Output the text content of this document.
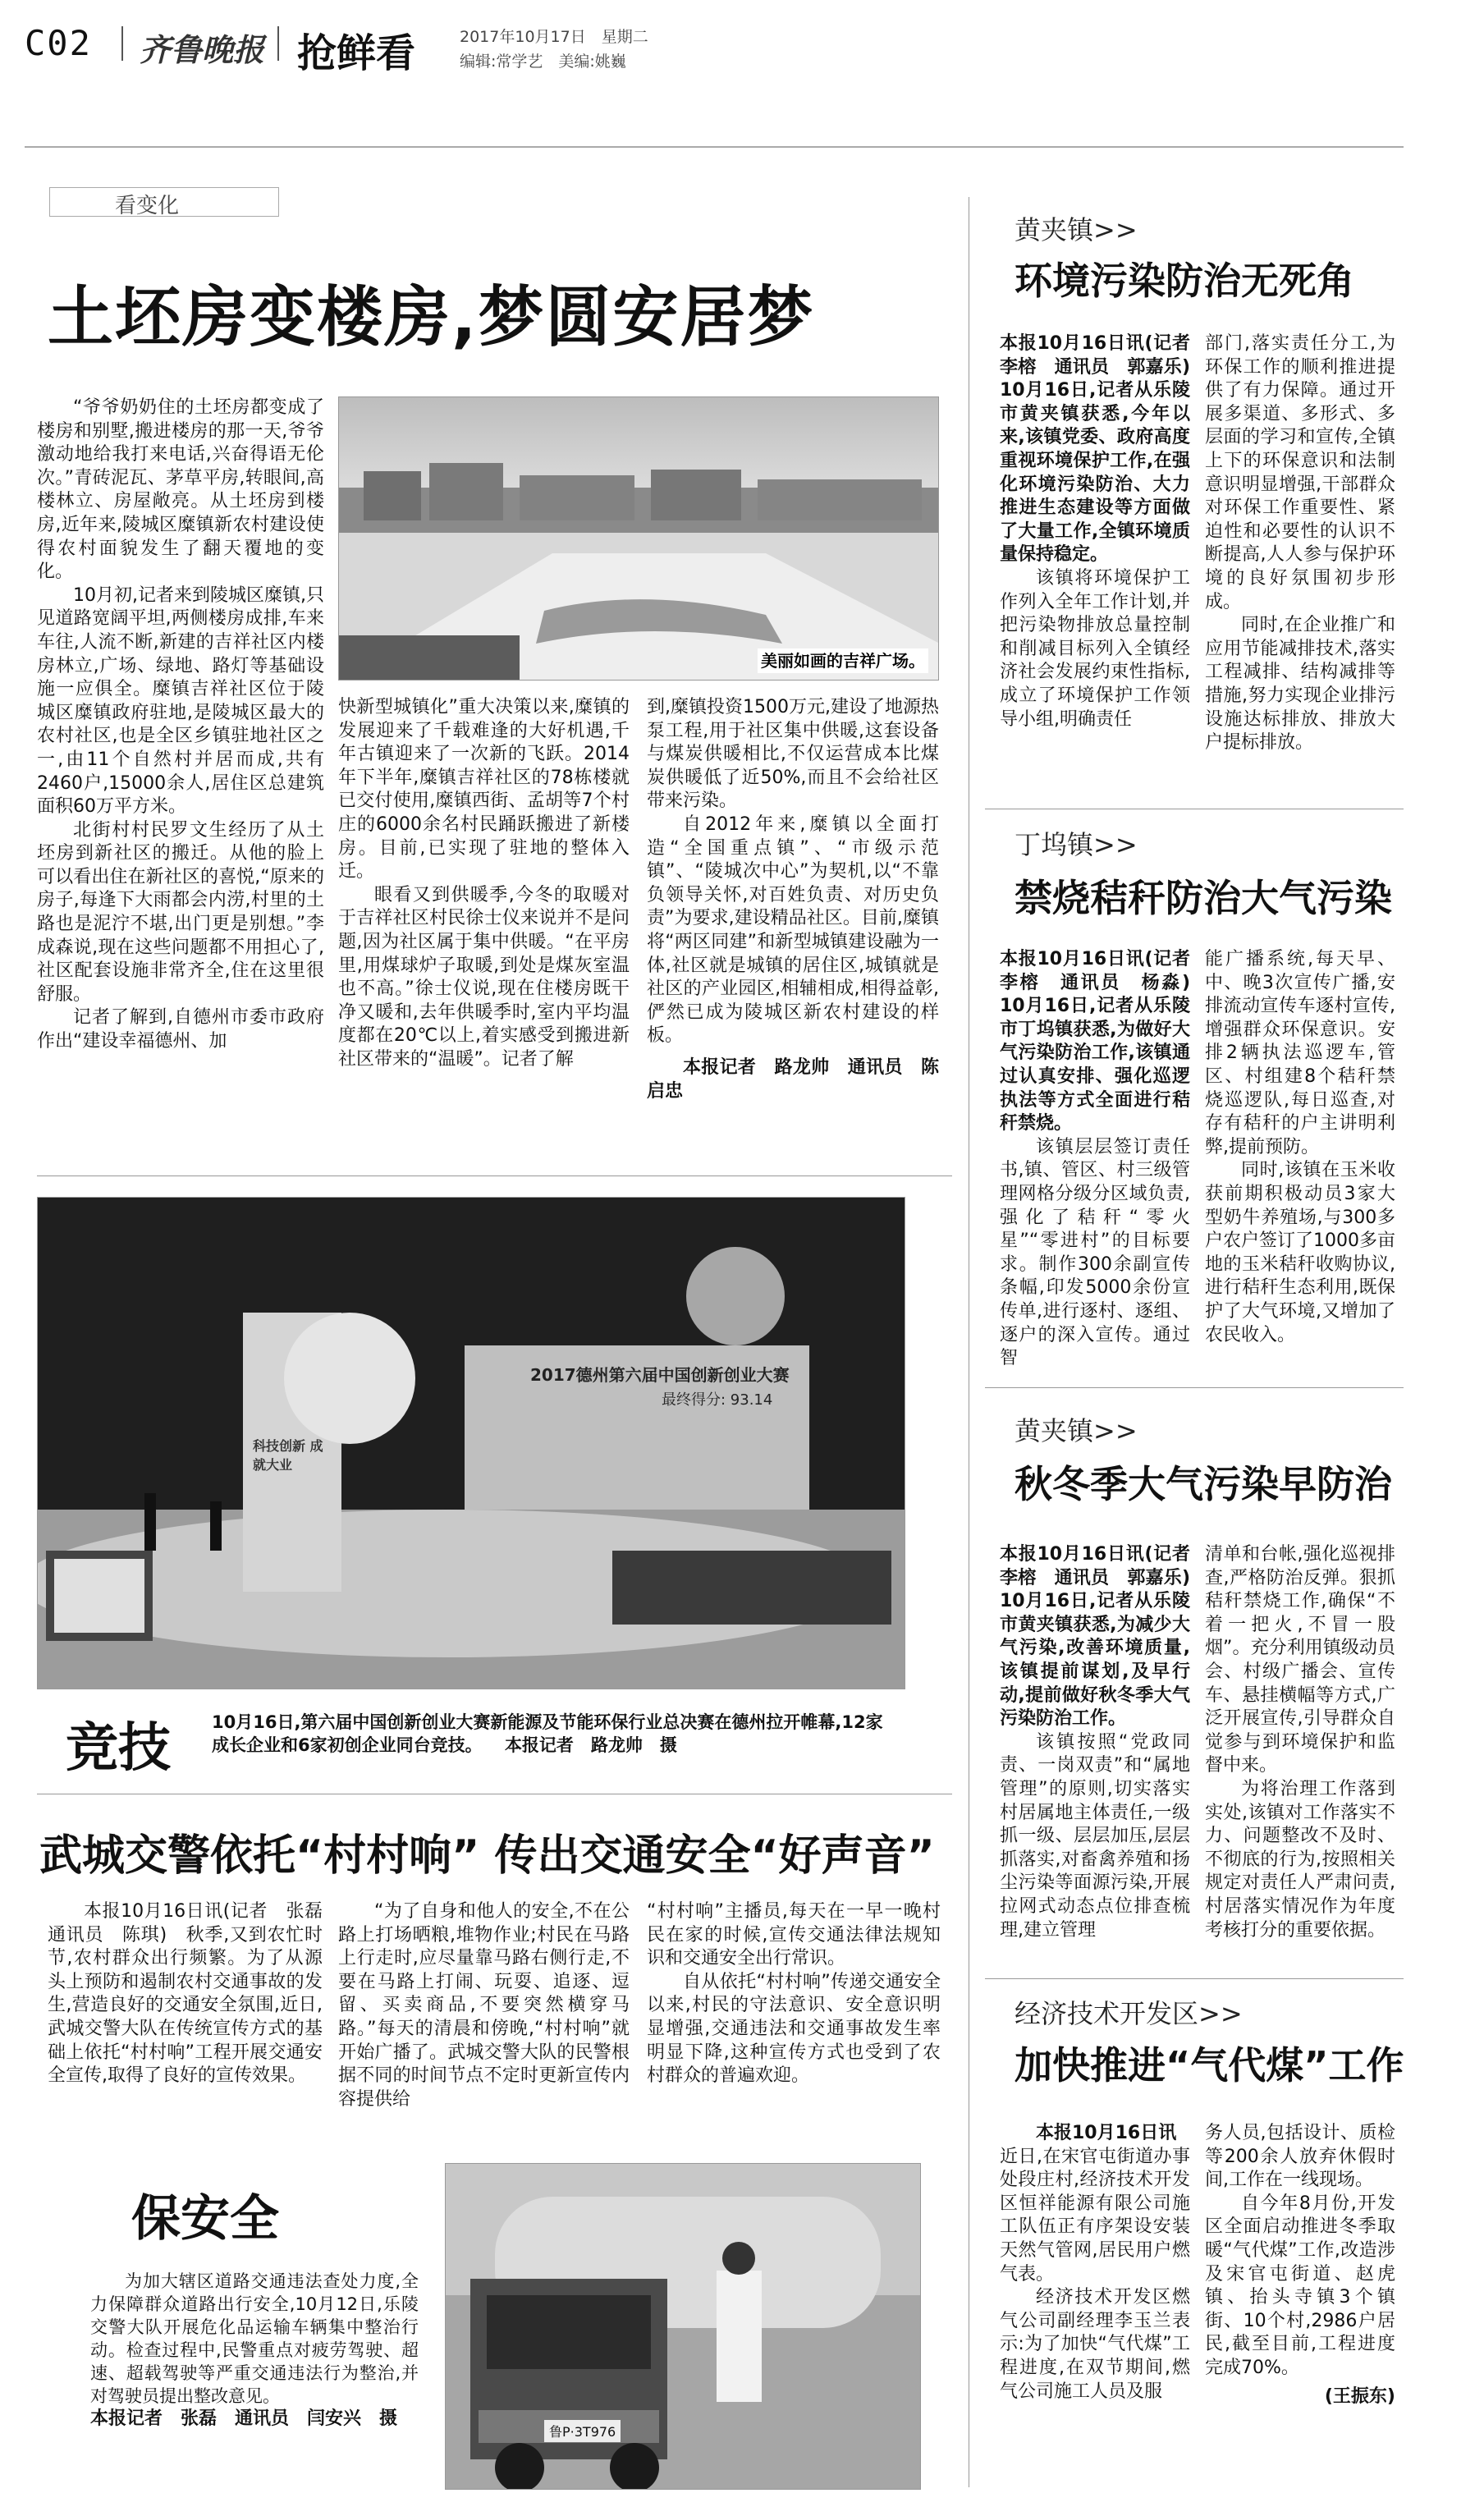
C02 齐鲁晚报 抢鲜看	2017年10月17日　星期二
编辑:常学艺　美编:姚巍
看变化
土坯房变楼房,梦圆安居梦
美丽如画的吉祥广场。

“爷爷奶奶住的土坯房都变成了楼房和别墅,搬进楼房的那一天,爷爷激动地给我打来电话,兴奋得语无伦次。”青砖泥瓦、茅草平房,转眼间,高楼林立、房屋敞亮。从土坯房到楼房,近年来,陵城区糜镇新农村建设使得农村面貌发生了翻天覆地的变化。

10月初,记者来到陵城区糜镇,只见道路宽阔平坦,两侧楼房成排,车来车往,人流不断,新建的吉祥社区内楼房林立,广场、绿地、路灯等基础设施一应俱全。糜镇吉祥社区位于陵城区糜镇政府驻地,是陵城区最大的农村社区,也是全区乡镇驻地社区之一,由11个自然村并居而成,共有2460户,15000余人,居住区总建筑面积60万平方米。

北街村村民罗文生经历了从土坯房到新社区的搬迁。从他的脸上可以看出住在新社区的喜悦,“原来的房子,每逢下大雨都会内涝,村里的土路也是泥泞不堪,出门更是别想。”李成森说,现在这些问题都不用担心了,社区配套设施非常齐全,住在这里很舒服。

记者了解到,自德州市委市政府作出“建设幸福德州、加

快新型城镇化”重大决策以来,糜镇的发展迎来了千载难逢的大好机遇,千年古镇迎来了一次新的飞跃。2014年下半年,糜镇吉祥社区的78栋楼就已交付使用,糜镇西街、孟胡等7个村庄的6000余名村民踊跃搬进了新楼房。目前,已实现了驻地的整体入迁。

眼看又到供暖季,今冬的取暖对于吉祥社区村民徐士仪来说并不是问题,因为社区属于集中供暖。“在平房里,用煤球炉子取暖,到处是煤灰室温也不高。”徐士仪说,现在住楼房既干净又暖和,去年供暖季时,室内平均温度都在20℃以上,着实感受到搬进新社区带来的“温暖”。记者了解

到,糜镇投资1500万元,建设了地源热泵工程,用于社区集中供暖,这套设备与煤炭供暖相比,不仅运营成本比煤炭供暖低了近50%,而且不会给社区带来污染。

自2012年来,糜镇以全面打造“全国重点镇”、“市级示范镇”、“陵城次中心”为契机,以“不靠负领导关怀,对百姓负责、对历史负责”为要求,建设精品社区。目前,糜镇将“两区同建”和新型城镇建设融为一体,社区就是城镇的居住区,城镇就是社区的产业园区,相辅相成,相得益彰,俨然已成为陵城区新农村建设的样板。

本报记者　路龙帅　通讯员　陈启忠

2017德州第六届中国创新创业大赛
最终得分: 93.14
科技创新 成就大业
竞技 10月16日,第六届中国创新创业大赛新能源及节能环保行业总决赛在德州拉开帷幕,12家成长企业和6家初创企业同台竞技。 本报记者　路龙帅　摄
武城交警依托“村村响” 传出交通安全“好声音”

本报10月16日讯(记者　张磊　通讯员　陈琪)　秋季,又到农忙时节,农村群众出行频繁。为了从源头上预防和遏制农村交通事故的发生,营造良好的交通安全氛围,近日,武城交警大队在传统宣传方式的基础上依托“村村响”工程开展交通安全宣传,取得了良好的宣传效果。

“为了自身和他人的安全,不在公路上打场晒粮,堆物作业;村民在马路上行走时,应尽量靠马路右侧行走,不要在马路上打闹、玩耍、追逐、逗留、买卖商品,不要突然横穿马路。”每天的清晨和傍晚,“村村响”就开始广播了。武城交警大队的民警根据不同的时间节点不定时更新宣传内容提供给

“村村响”主播员,每天在一早一晚村民在家的时候,宣传交通法律法规知识和交通安全出行常识。

自从依托“村村响”传递交通安全以来,村民的守法意识、安全意识明显增强,交通违法和交通事故发生率明显下降,这种宣传方式也受到了农村群众的普遍欢迎。

保安全

为加大辖区道路交通违法查处力度,全力保障群众道路出行安全,10月12日,乐陵交警大队开展危化品运输车辆集中整治行动。检查过程中,民警重点对疲劳驾驶、超速、超载驾驶等严重交通违法行为整治,并对驾驶员提出整改意见。

本报记者　张磊　通讯员　闫安兴　摄

鲁P·3T976
黄夹镇>>
环境污染防治无死角

本报10月16日讯(记者　李榕　通讯员　郭嘉乐)　10月16日,记者从乐陵市黄夹镇获悉,今年以来,该镇党委、政府高度重视环境保护工作,在强化环境污染防治、大力推进生态建设等方面做了大量工作,全镇环境质量保持稳定。

该镇将环境保护工作列入全年工作计划,并把污染物排放总量控制和削减目标列入全镇经济社会发展约束性指标,成立了环境保护工作领导小组,明确责任

部门,落实责任分工,为环保工作的顺利推进提供了有力保障。通过开展多渠道、多形式、多层面的学习和宣传,全镇上下的环保意识和法制意识明显增强,干部群众对环保工作重要性、紧迫性和必要性的认识不断提高,人人参与保护环境的良好氛围初步形成。

同时,在企业推广和应用节能减排技术,落实工程减排、结构减排等措施,努力实现企业排污设施达标排放、排放大户提标排放。

丁坞镇>>
禁烧秸秆防治大气污染

本报10月16日讯(记者　李榕　通讯员　杨淼)　10月16日,记者从乐陵市丁坞镇获悉,为做好大气污染防治工作,该镇通过认真安排、强化巡逻执法等方式全面进行秸秆禁烧。

该镇层层签订责任书,镇、管区、村三级管理网格分级分区域负责,强化了秸秆“零火星”“零进村”的目标要求。制作300余副宣传条幅,印发5000余份宣传单,进行逐村、逐组、逐户的深入宣传。通过智

能广播系统,每天早、中、晚3次宣传广播,安排流动宣传车逐村宣传,增强群众环保意识。安排2辆执法巡逻车,管区、村组建8个秸秆禁烧巡逻队,每日巡查,对存有秸秆的户主讲明利弊,提前预防。

同时,该镇在玉米收获前期积极动员3家大型奶牛养殖场,与300多户农户签订了1000多亩地的玉米秸秆收购协议,进行秸秆生态利用,既保护了大气环境,又增加了农民收入。

黄夹镇>>
秋冬季大气污染早防治

本报10月16日讯(记者　李榕　通讯员　郭嘉乐)　10月16日,记者从乐陵市黄夹镇获悉,为减少大气污染,改善环境质量,该镇提前谋划,及早行动,提前做好秋冬季大气污染防治工作。

该镇按照“党政同责、一岗双责”和“属地管理”的原则,切实落实村居属地主体责任,一级抓一级、层层加压,层层抓落实,对畜禽养殖和扬尘污染等面源污染,开展拉网式动态点位排查梳理,建立管理

清单和台帐,强化巡视排查,严格防治反弹。狠抓秸秆禁烧工作,确保“不着一把火,不冒一股烟”。充分利用镇级动员会、村级广播会、宣传车、悬挂横幅等方式,广泛开展宣传,引导群众自觉参与到环境保护和监督中来。

为将治理工作落到实处,该镇对工作落实不力、问题整改不及时、不彻底的行为,按照相关规定对责任人严肃问责,村居落实情况作为年度考核打分的重要依据。

经济技术开发区>>
加快推进“气代煤”工作

本报10月16日讯

近日,在宋官屯街道办事处段庄村,经济技术开发区恒祥能源有限公司施工队伍正有序架设安装天然气管网,居民用户燃气表。

经济技术开发区燃气公司副经理李玉兰表示:为了加快“气代煤”工程进度,在双节期间,燃气公司施工人员及服

务人员,包括设计、质检等200余人放弃休假时间,工作在一线现场。

自今年8月份,开发区全面启动推进冬季取暖“气代煤”工作,改造涉及宋官屯街道、赵虎镇、抬头寺镇3个镇街、10个村,2986户居民,截至目前,工程进度完成70%。

(王振东)
